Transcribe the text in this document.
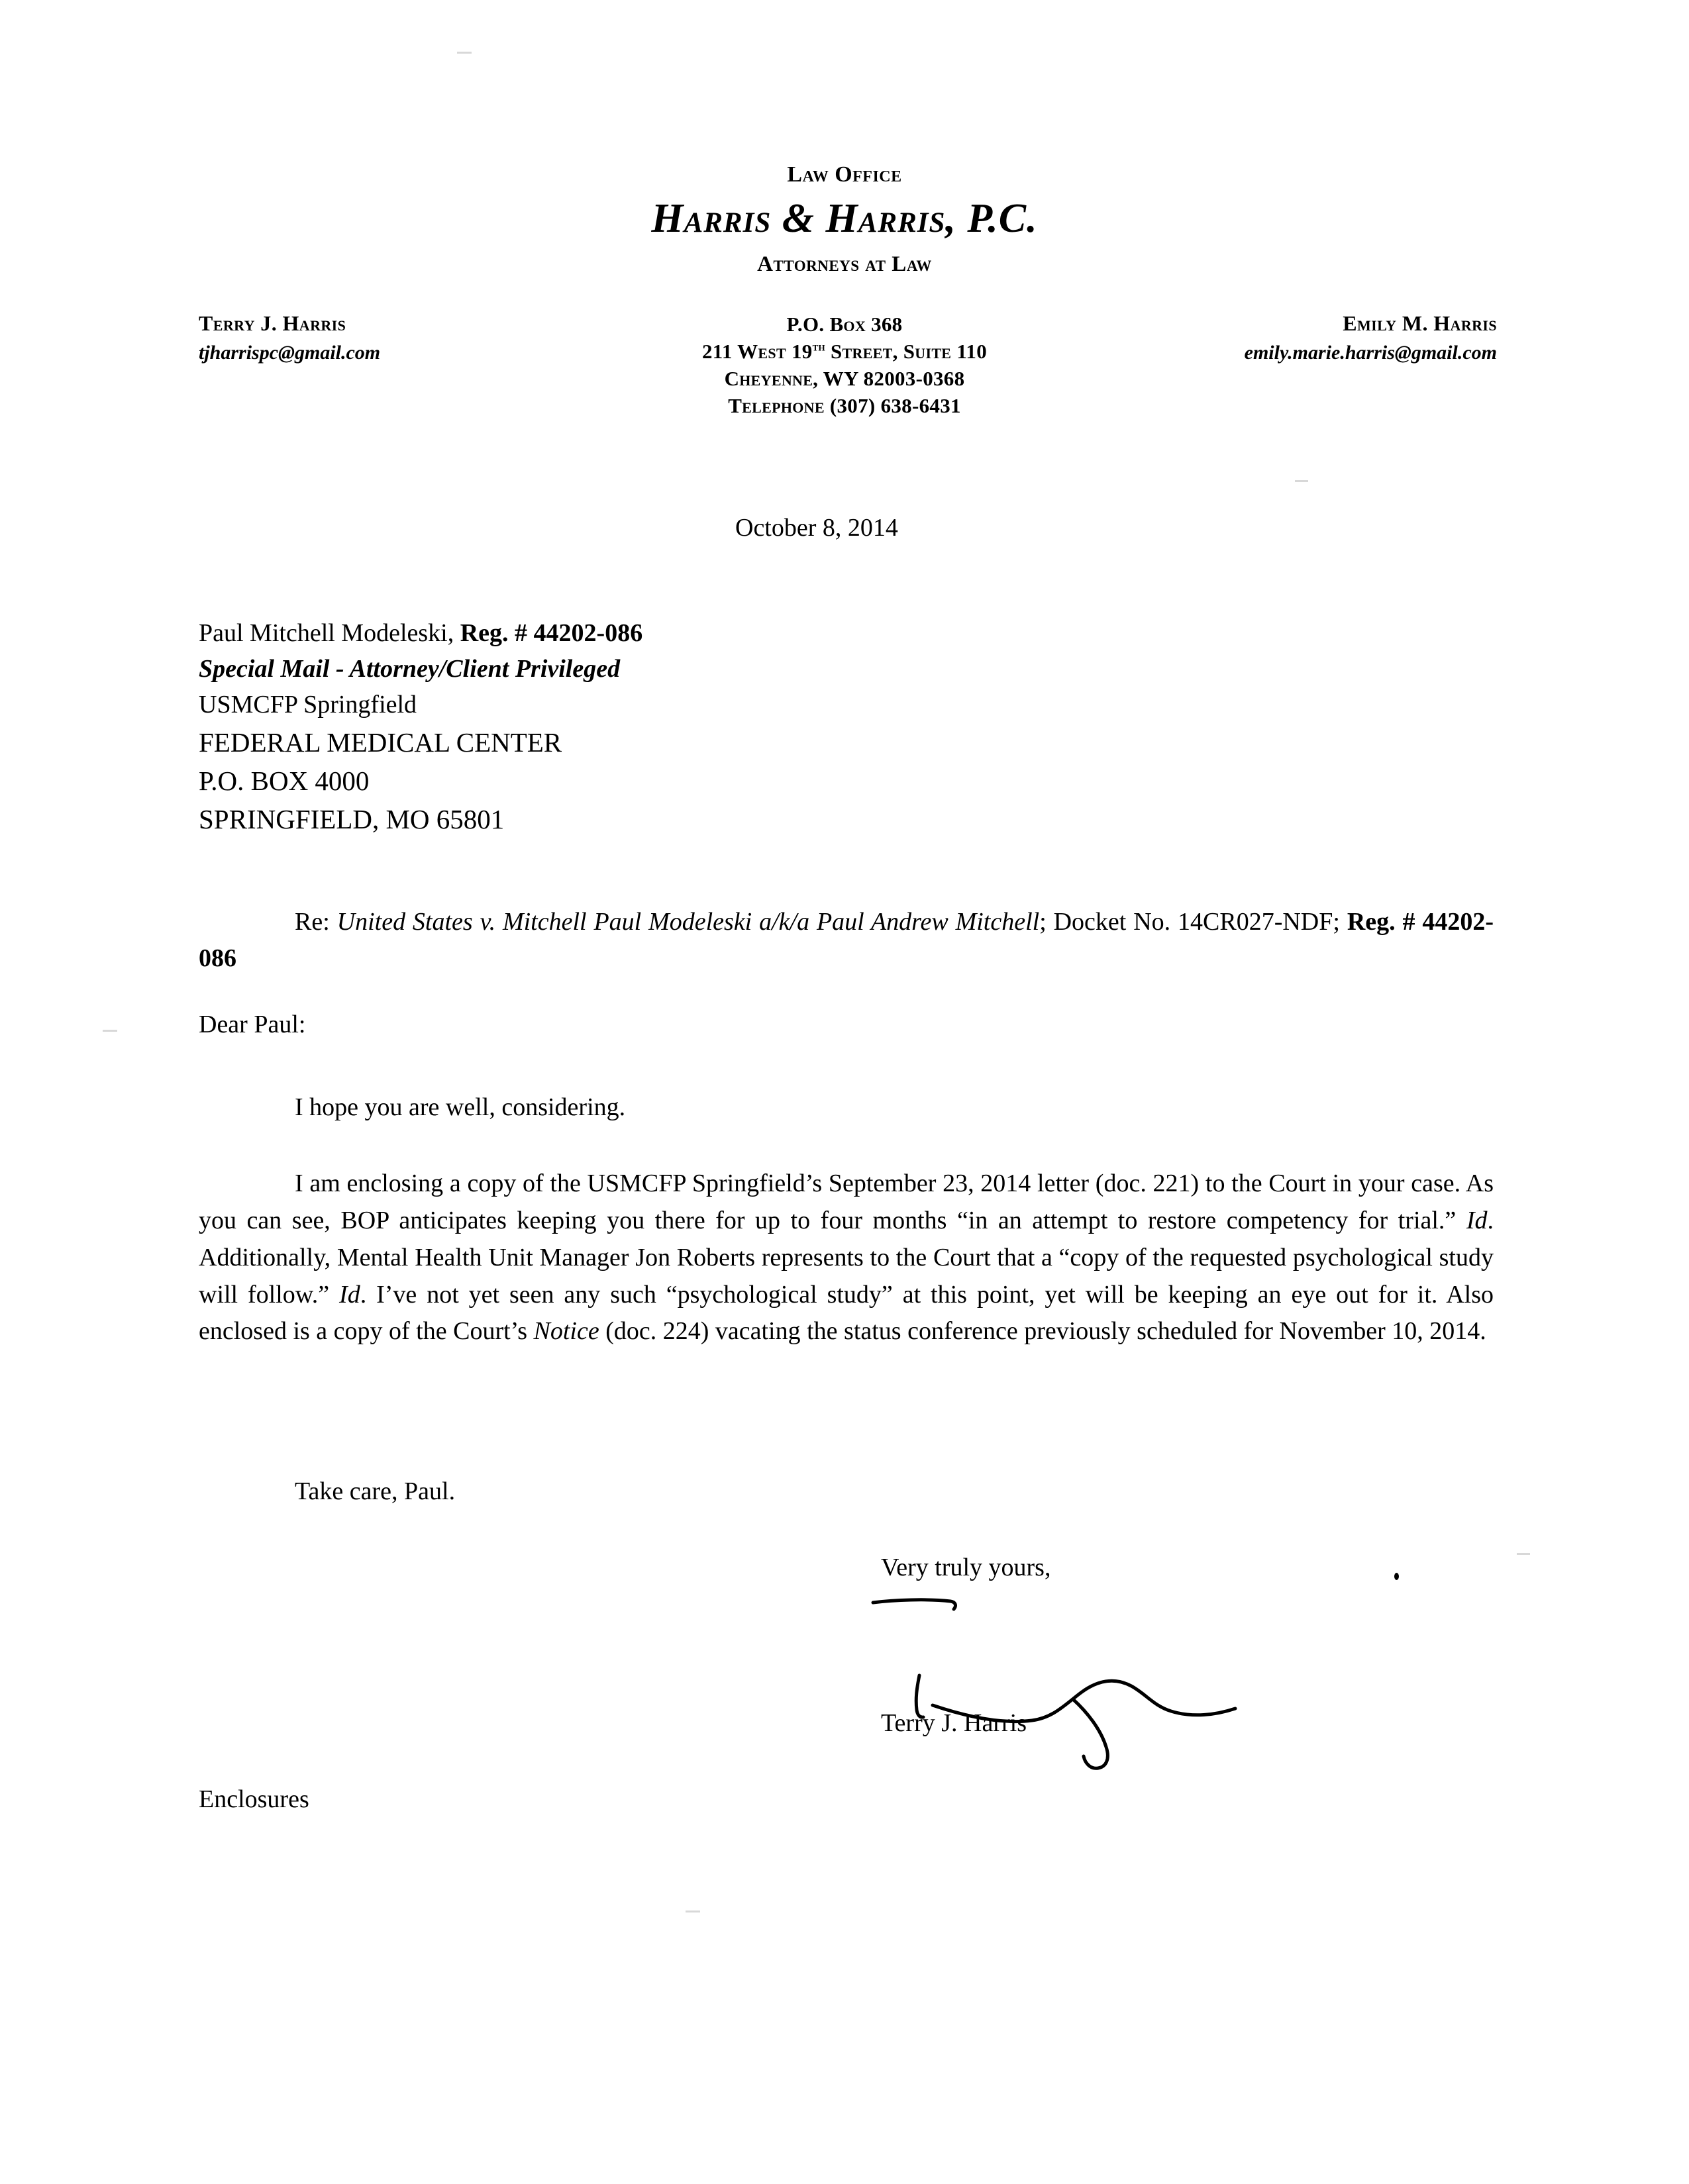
Law Office
Harris & Harris, P.C.
Attorneys at Law
Terry J. Harris
tjharrispc@gmail.com
P.O. Box 368
211 West 19th Street, Suite 110
Cheyenne, WY 82003-0368
Telephone (307) 638-6431
Emily M. Harris
emily.marie.harris@gmail.com
October 8, 2014
Paul Mitchell Modeleski, Reg. # 44202-086
Special Mail - Attorney/Client Privileged
USMCFP Springfield
FEDERAL MEDICAL CENTER
P.O. BOX 4000
SPRINGFIELD, MO 65801
Re: United States v. Mitchell Paul Modeleski a/k/a Paul Andrew Mitchell; Docket No. 14CR027-NDF; Reg. # 44202-086
Dear Paul:
I hope you are well, considering.
I am enclosing a copy of the USMCFP Springfield’s September 23, 2014 letter (doc. 221) to the Court in your case. As you can see, BOP anticipates keeping you there for up to four months “in an attempt to restore competency for trial.” Id. Additionally, Mental Health Unit Manager Jon Roberts represents to the Court that a “copy of the requested psychological study will follow.” Id. I’ve not yet seen any such “psychological study” at this point, yet will be keeping an eye out for it. Also enclosed is a copy of the Court’s Notice (doc. 224) vacating the status conference previously scheduled for November 10, 2014.
Take care, Paul.
Very truly yours,
Terry J. Harris
Enclosures
